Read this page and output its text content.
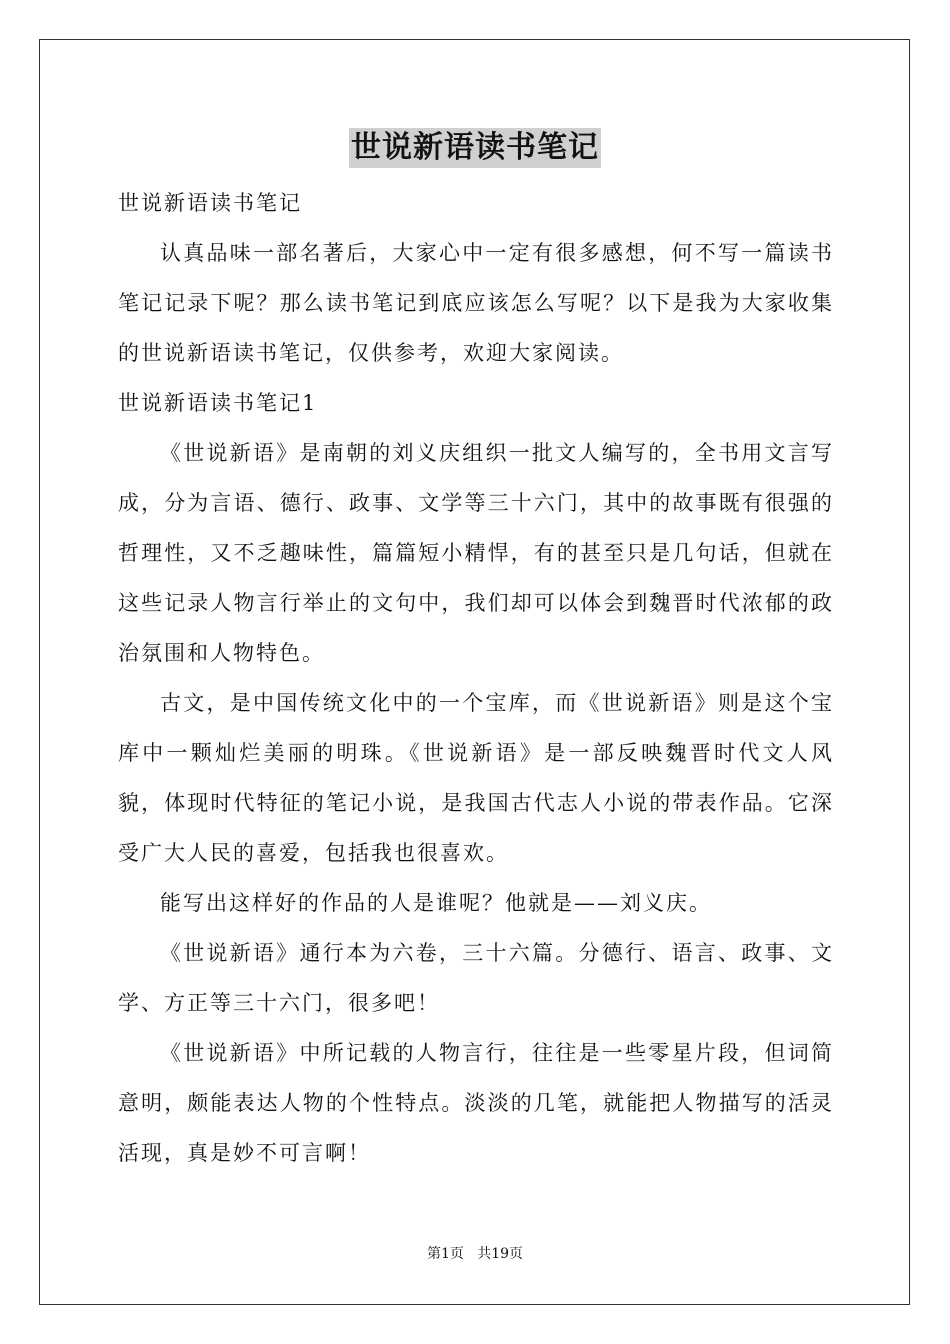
世说新语读书笔记

世说新语读书笔记

认真品味一部名著后，大家心中一定有很多感想，何不写一篇读书笔记记录下呢？那么读书笔记到底应该怎么写呢？以下是我为大家收集的世说新语读书笔记，仅供参考，欢迎大家阅读。

世说新语读书笔记1

《世说新语》是南朝的刘义庆组织一批文人编写的，全书用文言写成，分为言语、德行、政事、文学等三十六门，其中的故事既有很强的哲理性，又不乏趣味性，篇篇短小精悍，有的甚至只是几句话，但就在这些记录人物言行举止的文句中，我们却可以体会到魏晋时代浓郁的政治氛围和人物特色。

古文，是中国传统文化中的一个宝库，而《世说新语》则是这个宝库中一颗灿烂美丽的明珠。《世说新语》是一部反映魏晋时代文人风貌，体现时代特征的笔记小说，是我国古代志人小说的带表作品。它深受广大人民的喜爱，包括我也很喜欢。

能写出这样好的作品的人是谁呢？他就是——刘义庆。

《世说新语》通行本为六卷，三十六篇。分德行、语言、政事、文学、方正等三十六门，很多吧！

《世说新语》中所记载的人物言行，往往是一些零星片段，但词简意明，颇能表达人物的个性特点。淡淡的几笔，就能把人物描写的活灵活现，真是妙不可言啊！

第1页   共19页
